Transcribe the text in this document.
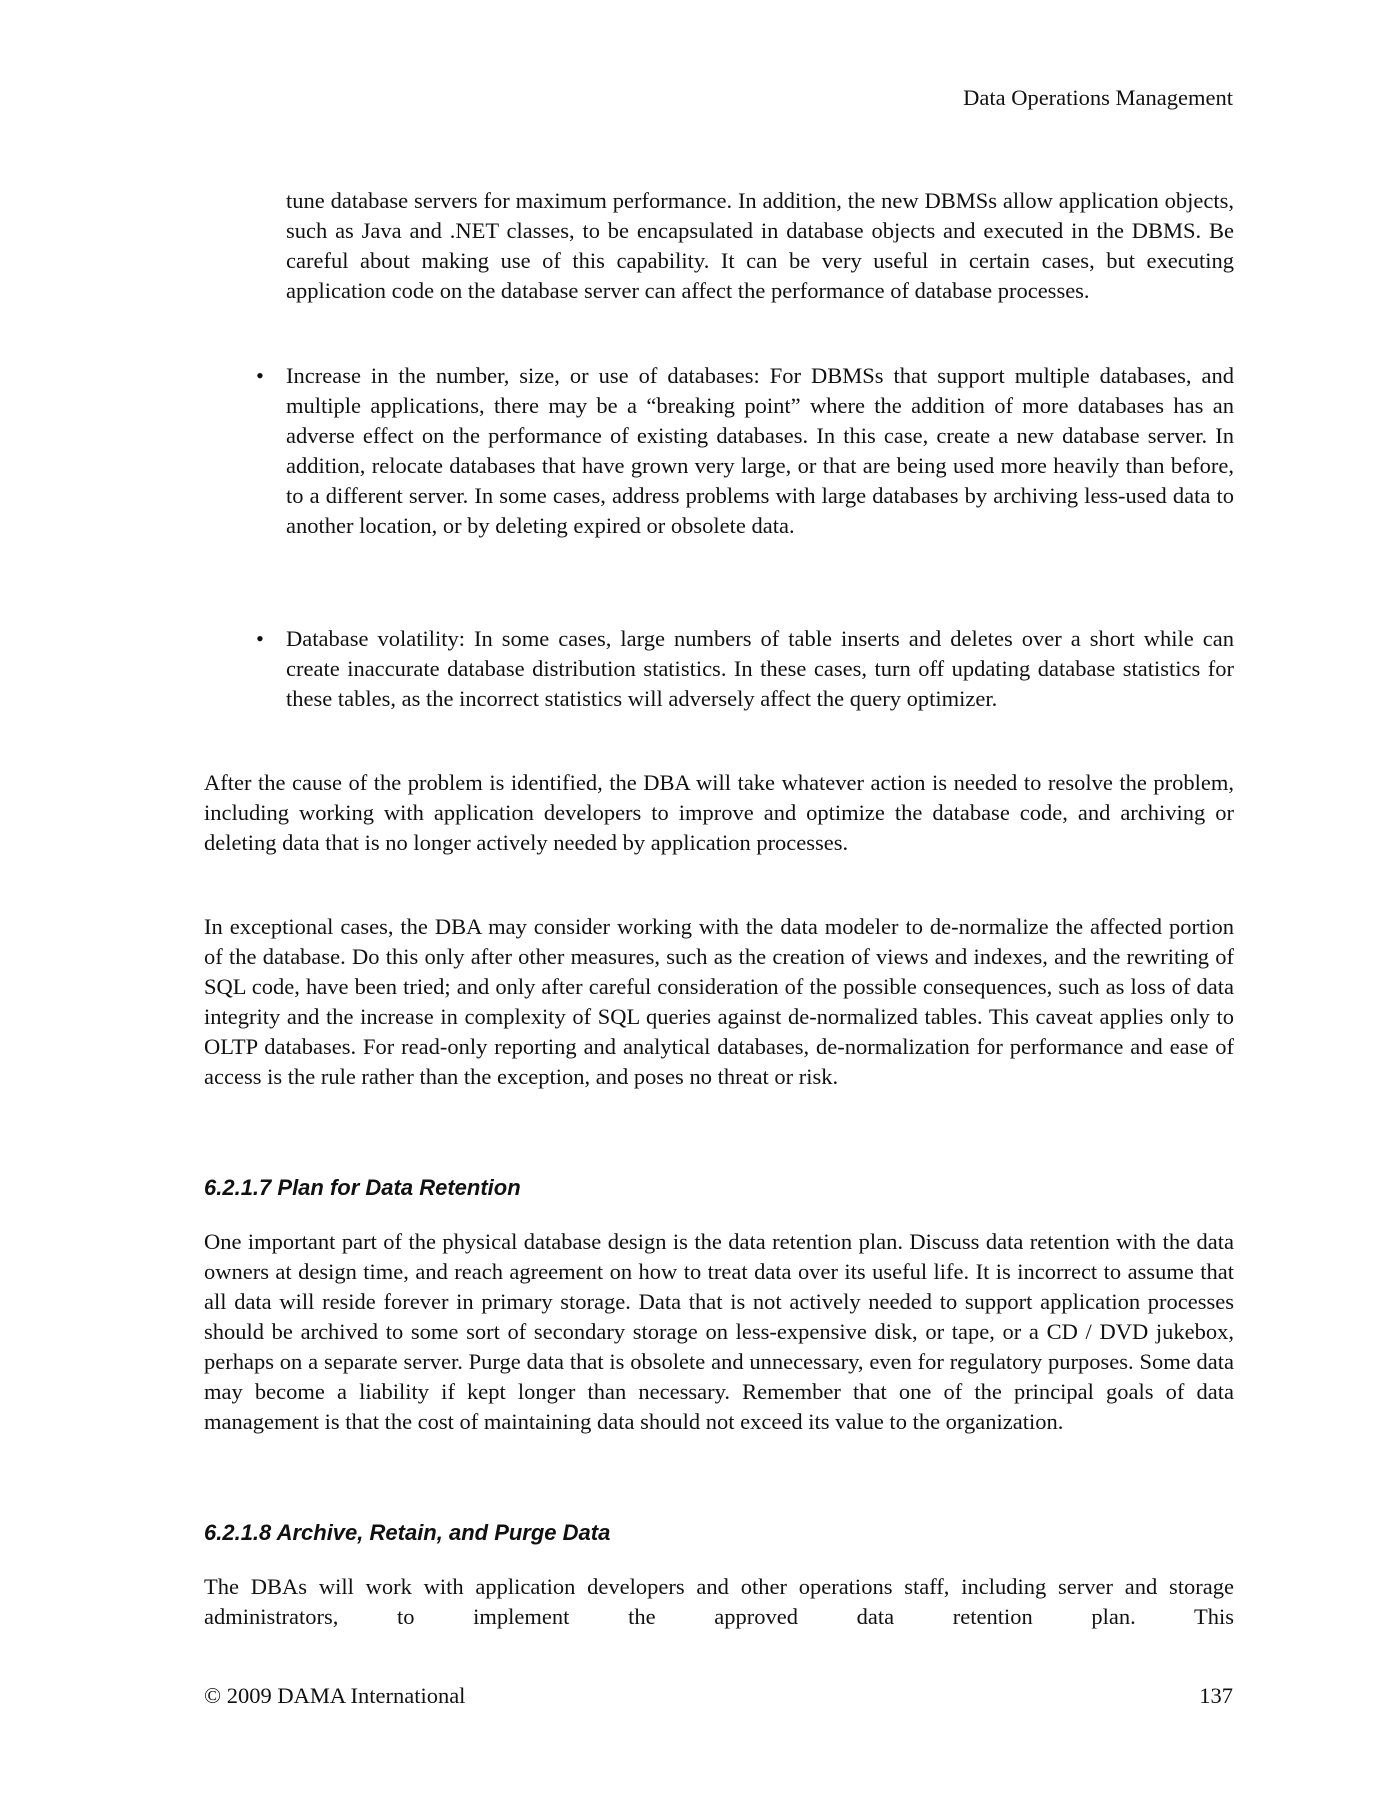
Data Operations Management

tune database servers for maximum performance. In addition, the new DBMSs allow application objects, such as Java and .NET classes, to be encapsulated in database objects and executed in the DBMS. Be careful about making use of this capability. It can be very useful in certain cases, but executing application code on the database server can affect the performance of database processes.

• Increase in the number, size, or use of databases: For DBMSs that support multiple databases, and multiple applications, there may be a “breaking point” where the addition of more databases has an adverse effect on the performance of existing databases. In this case, create a new database server. In addition, relocate databases that have grown very large, or that are being used more heavily than before, to a different server. In some cases, address problems with large databases by archiving less-used data to another location, or by deleting expired or obsolete data.
• Database volatility: In some cases, large numbers of table inserts and deletes over a short while can create inaccurate database distribution statistics. In these cases, turn off updating database statistics for these tables, as the incorrect statistics will adversely affect the query optimizer.

After the cause of the problem is identified, the DBA will take whatever action is needed to resolve the problem, including working with application developers to improve and optimize the database code, and archiving or deleting data that is no longer actively needed by application processes.

In exceptional cases, the DBA may consider working with the data modeler to de-normalize the affected portion of the database. Do this only after other measures, such as the creation of views and indexes, and the rewriting of SQL code, have been tried; and only after careful consideration of the possible consequences, such as loss of data integrity and the increase in complexity of SQL queries against de-normalized tables. This caveat applies only to OLTP databases. For read-only reporting and analytical databases, de-normalization for performance and ease of access is the rule rather than the exception, and poses no threat or risk.

6.2.1.7 Plan for Data Retention

One important part of the physical database design is the data retention plan. Discuss data retention with the data owners at design time, and reach agreement on how to treat data over its useful life. It is incorrect to assume that all data will reside forever in primary storage. Data that is not actively needed to support application processes should be archived to some sort of secondary storage on less-expensive disk, or tape, or a CD / DVD jukebox, perhaps on a separate server. Purge data that is obsolete and unnecessary, even for regulatory purposes. Some data may become a liability if kept longer than necessary. Remember that one of the principal goals of data management is that the cost of maintaining data should not exceed its value to the organization.

6.2.1.8 Archive, Retain, and Purge Data

The DBAs will work with application developers and other operations staff, including server and storage administrators, to implement the approved data retention plan. This

© 2009 DAMA International	137
